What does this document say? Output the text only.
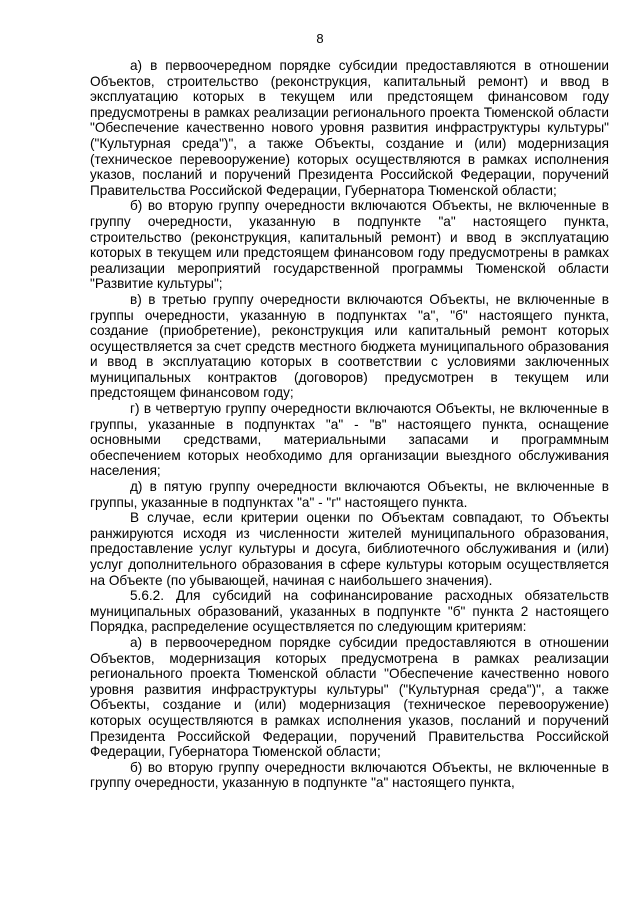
8

а) в первоочередном порядке субсидии предоставляются в отношении Объектов, строительство (реконструкция, капитальный ремонт) и ввод в эксплуатацию которых в текущем или предстоящем финансовом году предусмотрены в рамках реализации регионального проекта Тюменской области "Обеспечение качественно нового уровня развития инфраструктуры культуры" ("Культурная среда")", а также Объекты, создание и (или) модернизация (техническое перевооружение) которых осуществляются в рамках исполнения указов, посланий и поручений Президента Российской Федерации, поручений Правительства Российской Федерации, Губернатора Тюменской области;

б) во вторую группу очередности включаются Объекты, не включенные в группу очередности, указанную в подпункте "а" настоящего пункта, строительство (реконструкция, капитальный ремонт) и ввод в эксплуатацию которых в текущем или предстоящем финансовом году предусмотрены в рамках реализации мероприятий государственной программы Тюменской области "Развитие культуры";

в) в третью группу очередности включаются Объекты, не включенные в группы очередности, указанную в подпунктах "а", "б" настоящего пункта, создание (приобретение), реконструкция или капитальный ремонт которых осуществляется за счет средств местного бюджета муниципального образования и ввод в эксплуатацию которых в соответствии с условиями заключенных муниципальных контрактов (договоров) предусмотрен в текущем или предстоящем финансовом году;

г) в четвертую группу очередности включаются Объекты, не включенные в группы, указанные в подпунктах "а" - "в" настоящего пункта, оснащение основными средствами, материальными запасами и программным обеспечением которых необходимо для организации выездного обслуживания населения;

д) в пятую группу очередности включаются Объекты, не включенные в группы, указанные в подпунктах "а" - "г" настоящего пункта.

В случае, если критерии оценки по Объектам совпадают, то Объекты ранжируются исходя из численности жителей муниципального образования, предоставление услуг культуры и досуга, библиотечного обслуживания и (или) услуг дополнительного образования в сфере культуры которым осуществляется на Объекте (по убывающей, начиная с наибольшего значения).

5.6.2. Для субсидий на софинансирование расходных обязательств муниципальных образований, указанных в подпункте "б" пункта 2 настоящего Порядка, распределение осуществляется по следующим критериям:

а) в первоочередном порядке субсидии предоставляются в отношении Объектов, модернизация которых предусмотрена в рамках реализации регионального проекта Тюменской области "Обеспечение качественно нового уровня развития инфраструктуры культуры" ("Культурная среда")", а также Объекты, создание и (или) модернизация (техническое перевооружение) которых осуществляются в рамках исполнения указов, посланий и поручений Президента Российской Федерации, поручений Правительства Российской Федерации, Губернатора Тюменской области;

б) во вторую группу очередности включаются Объекты, не включенные в группу очередности, указанную в подпункте "а" настоящего пункта,
